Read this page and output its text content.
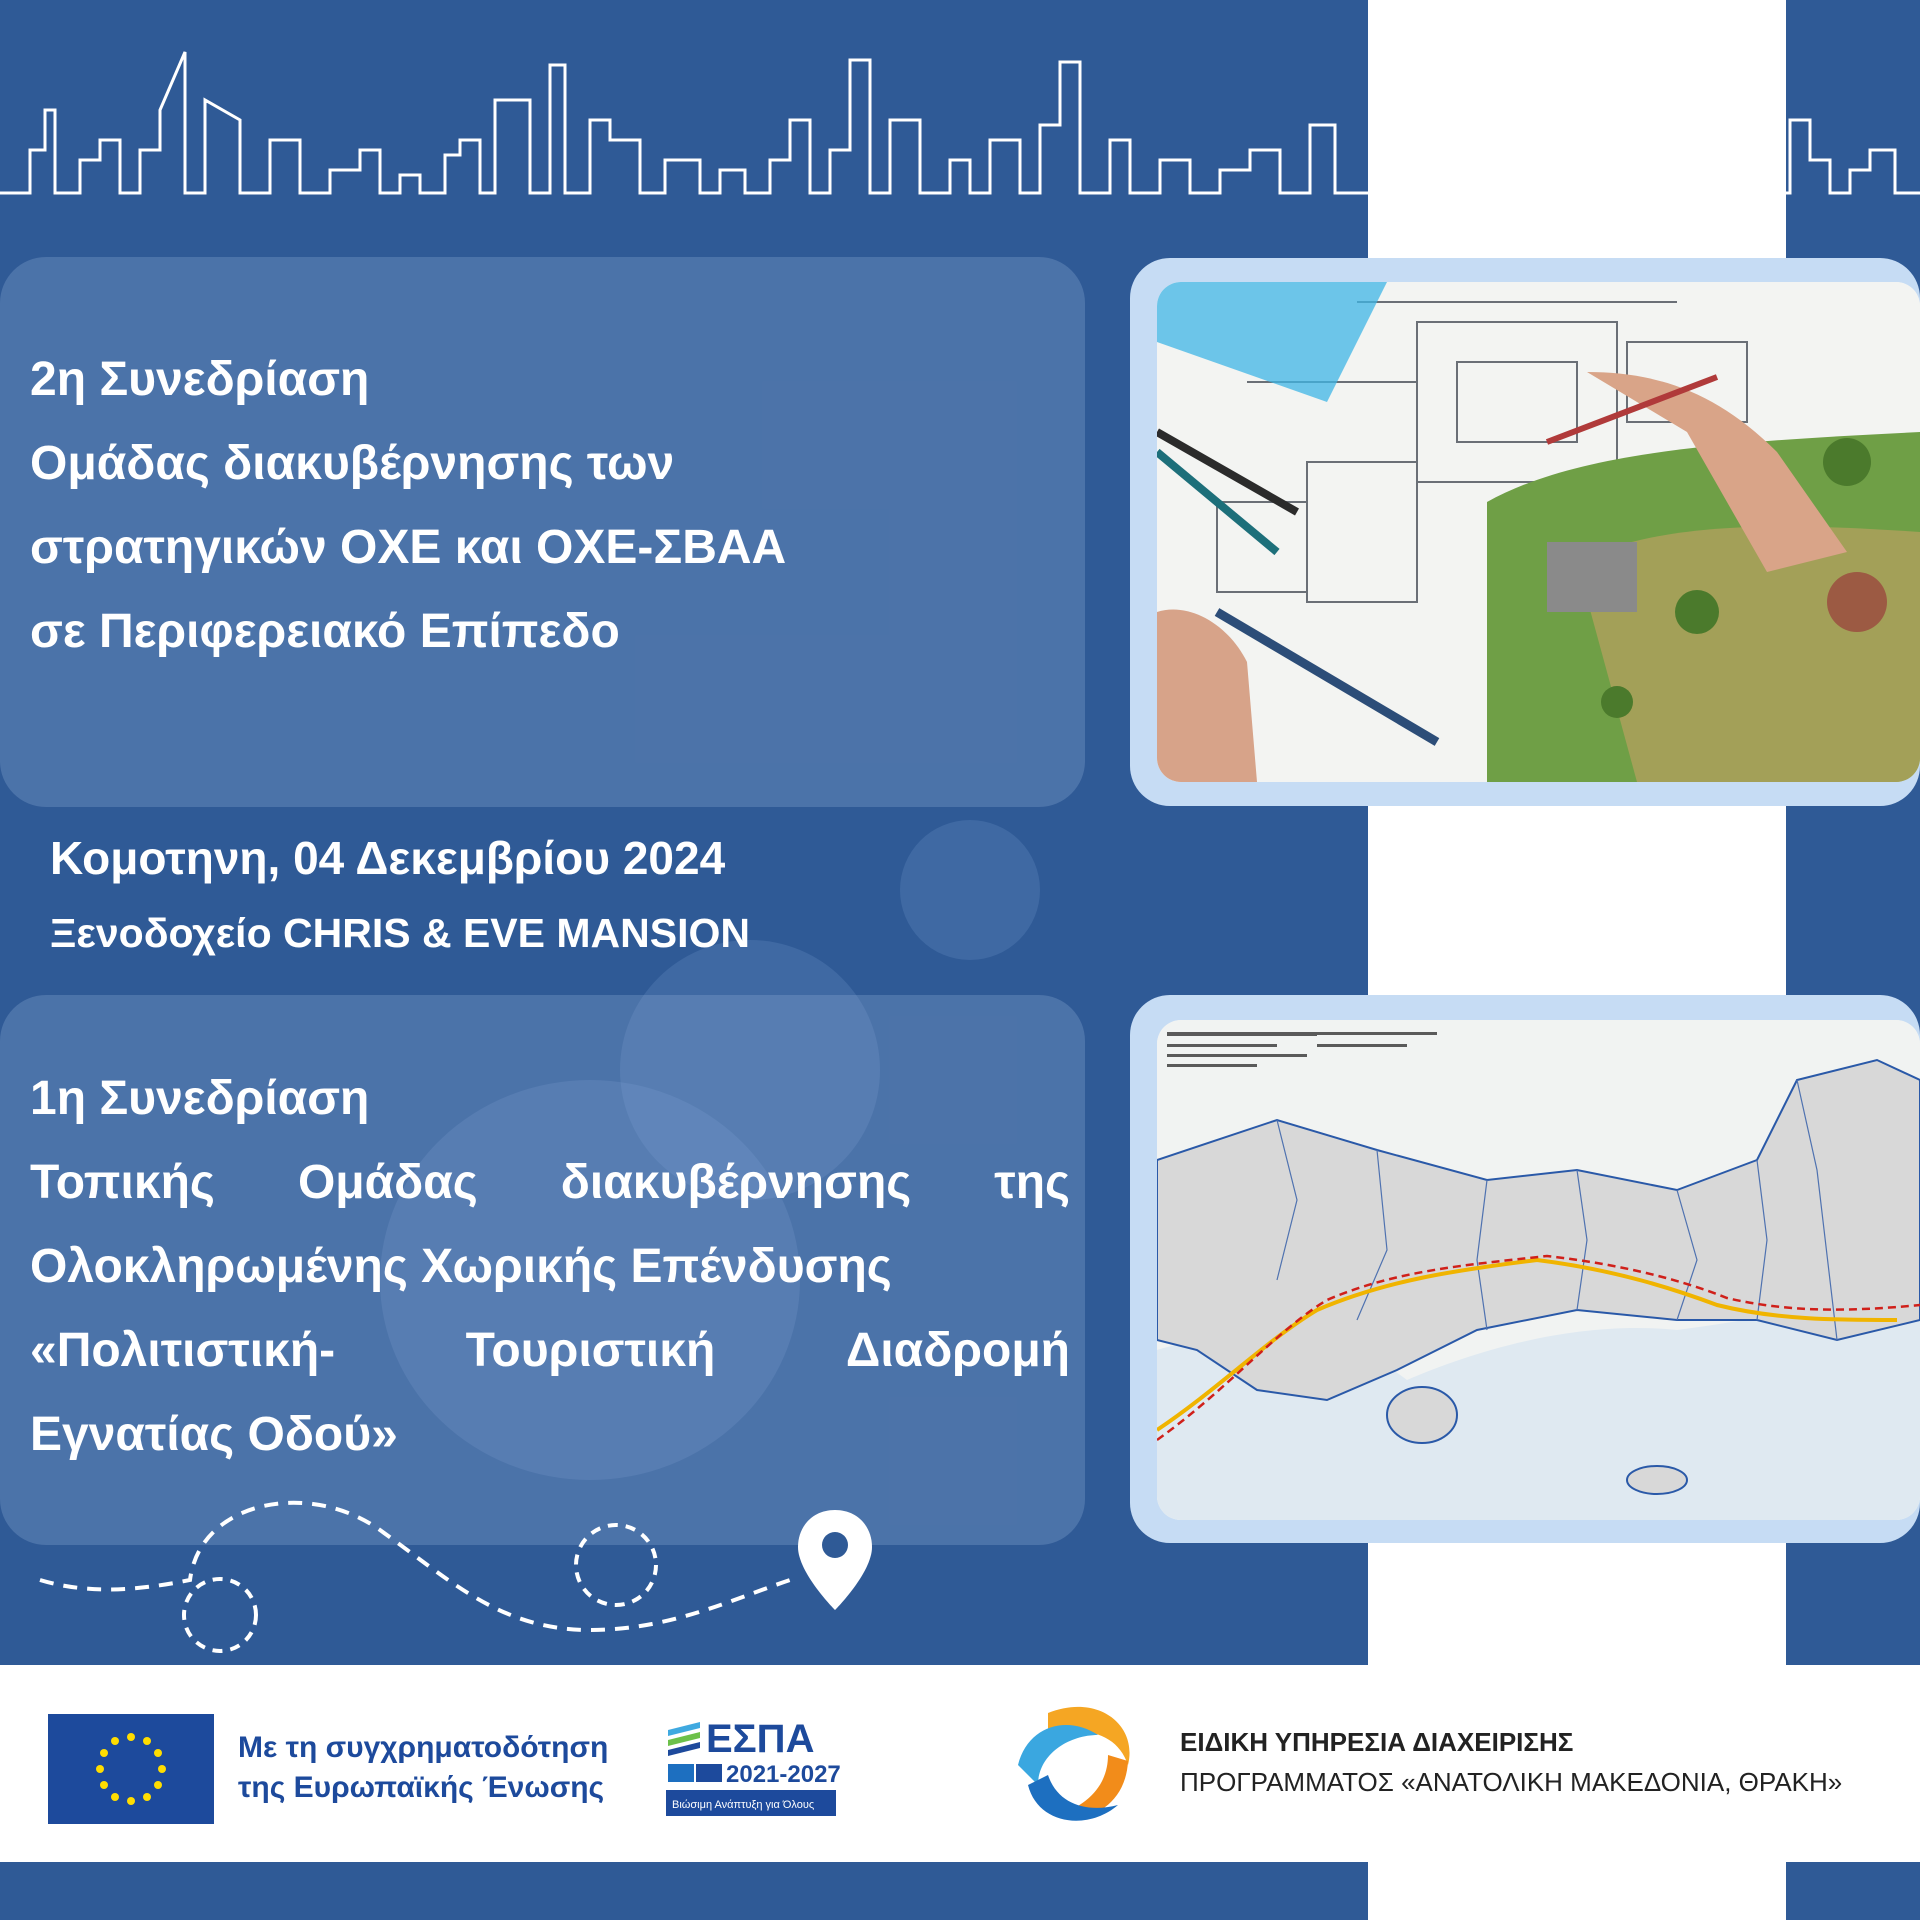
2η Συνεδρίαση
Ομάδας διακυβέρνησης των
στρατηγικών ΟΧΕ και ΟΧΕ-ΣΒΑΑ
σε Περιφερειακό Επίπεδο
Κομοτηνη, 04 Δεκεμβρίου 2024
Ξενοδοχείο CHRIS & EVE MANSION
1η Συνεδρίαση
Τοπικής Ομάδας διακυβέρνησης της
Ολοκληρωμένης Χωρικής Επένδυσης
«Πολιτιστική-	Τουριστική	Διαδρομή
Εγνατίας Οδού»
Με τη συγχρηματοδότηση
της Ευρωπαϊκής Ένωσης
ΕΣΠΑ
2021-2027
Βιώσιμη Ανάπτυξη για Όλους
ΕΙΔΙΚΗ ΥΠΗΡΕΣΙΑ ΔΙΑΧΕΙΡΙΣΗΣ
ΠΡΟΓΡΑΜΜΑΤΟΣ «ΑΝΑΤΟΛΙΚΗ ΜΑΚΕΔΟΝΙΑ, ΘΡΑΚΗ»
